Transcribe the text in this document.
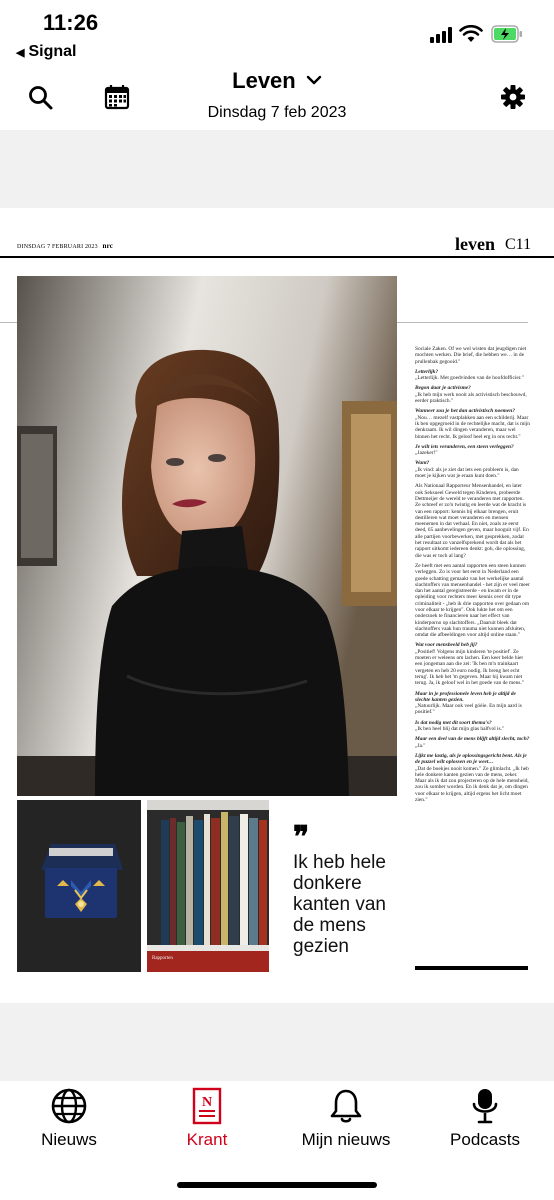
11:26
◀ Signal
Leven
Dinsdag 7 feb 2023
DINSDAG 7 FEBRUARI 2023 nrc	leven C11
Rapporten
❞
Ik heb hele donkere kanten van de mens gezien

Sociale Zaken. Of we wel wisten dat jeugdigen niet mochten werken. Die brief, die hebben we… in de prullenbak gegooid."

Letterlijk?

„Letterlijk. Met goedvinden van de hoofdofficier."

Begon daar je activisme?

„Ik heb mijn werk nooit als activistisch beschouwd, eerder praktisch."

Wanneer zou je het dan activistisch noemen?

„Nou… mezelf vastplakken aan een schilderij. Maar ik ben opgegroeid in de rechtelijke macht, dat is mijn denkraam. Ik wil dingen veranderen, maar wel binnen het recht. Ik geloof heel erg in ons recht."

Je wilt iets veranderen, een steen verleggen?

„Jazeker!"

Want?

„Ik vind: als je ziet dat iets een probleem is, dan moet je kijken wat je eraan kunt doen."

Als Nationaal Rapporteur Mensenhandel, en later ook Seksueel Geweld tegen Kinderen, probeerde Dettmeijer de wereld te veranderen met rapporten. Ze schreef er zo'n twintig en leerde wat de kracht is van een rapport: kennis bij elkaar brengen, eruit destilleren wat moet veranderen en mensen meenemen in dat verhaal. En niet, zoals ze eerst deed, 65 aanbevelingen geven, maar hooguit vijf. En alle partijen voorbewerken, met gesprekken, zodat het resultaat zo vanzelfsprekend wordt dat als het rapport uitkomt iedereen denkt: goh, die oplossing, die was er toch al lang?

Ze heeft met een aantal rapporten een steen kunnen verleggen. Zo is voor het eerst in Nederland een goede schatting gemaakt van het werkelijke aantal slachtoffers van mensenhandel - het zijn er veel meer dan het aantal geregistreerde - en kwam er in de opleiding voor rechters meer kennis over dit type criminaliteit - „heb ik drie rapporten over gedaan om voor elkaar te krijgen". Ook lukte het om een onderzoek te financieren naar het effect van kinderporno op slachtoffers. „Daaruit bleek dat slachtoffers vaak hun trauma niet kunnen afsluiten, omdat die afbeeldingen voor altijd online staan."

Wat voor mensbeeld heb jij?

„Positief! Volgens mijn kinderen 'te positief'. Ze moeten er weleens om lachen. Een keer belde hier een jongeman aan die zei: 'Ik ben m'n trainkaart vergeten en heb 20 euro nodig. Ik breng het echt terug'. Ik heb het 'm gegeven. Maar hij kwam niet terug. Ja, ik geloof wel in het goede van de mens."

Maar in je professionele leven heb je altijd de slechte kanten gezien.

„Natuurlijk. Maar ook veel góéie. En mijn aard is positief."

Is dat nodig met dit soort thema's?

„Ik ben heel blij dat mijn glas halfvol is."

Maar een deel van de mens blijft altijd slecht, toch?

„Ja."

Lijkt me lastig, als je oplossingsgericht bent. Als je de puzzel wilt oplossen en je weet…

„Dat de boekjes nooit komen." Ze glimlacht. „Ik heb hele donkere kanten gezien van de mens, zeker. Maar als ik dat zou projecteren op de hele mensheid, zou ik somber worden. En ik denk dat je, om dingen voor elkaar te krijgen, altijd ergens het licht moet zien."

Nieuws
N
Krant	Mijn nieuws	Podcasts
